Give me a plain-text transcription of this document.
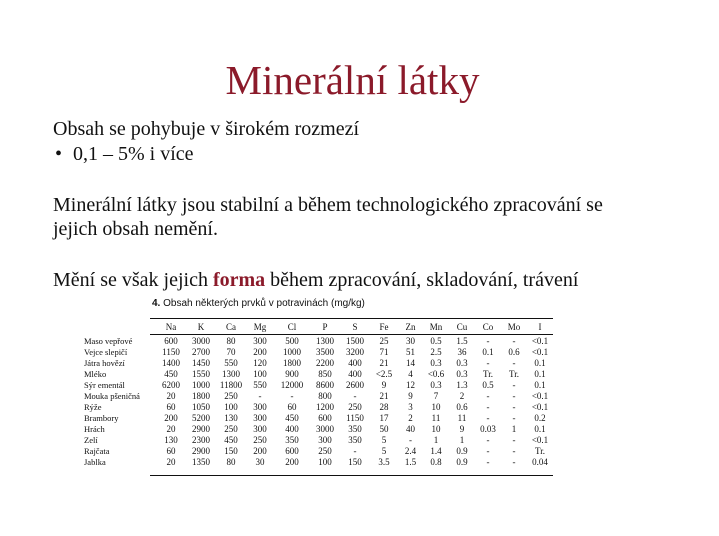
Minerální látky

Obsah se pohybuje v širokém rozmezí

• 0,1 – 5% i více

Minerální látky jsou stabilní a během technologického zpracování se
jejich obsah nemění.

Mění se však jejich forma během zpracování, skladování, trávení

4. Obsah některých prvků v potravinách (mg/kg)
	Na	K	Ca	Mg	Cl	P	S	Fe	Zn	Mn	Cu	Co	Mo	I
Maso vepřové	600	3000	80	300	500	1300	1500	25	30	0.5	1.5	-	-	<0.1
Vejce slepičí	1150	2700	70	200	1000	3500	3200	71	51	2.5	36	0.1	0.6	<0.1
Játra hovězí	1400	1450	550	120	1800	2200	400	21	14	0.3	0.3	-	-	0.1
Mléko	450	1550	1300	100	900	850	400	<2.5	4	<0.6	0.3	Tr.	Tr.	0.1
Sýr ementál	6200	1000	11800	550	12000	8600	2600	9	12	0.3	1.3	0.5	-	0.1
Mouka pšeničná	20	1800	250	-	-	800	-	21	9	7	2	-	-	<0.1
Rýže	60	1050	100	300	60	1200	250	28	3	10	0.6	-	-	<0.1
Brambory	200	5200	130	300	450	600	1150	17	2	11	11	-	-	0.2
Hrách	20	2900	250	300	400	3000	350	50	40	10	9	0.03	1	0.1
Zelí	130	2300	450	250	350	300	350	5	-	1	1	-	-	<0.1
Rajčata	60	2900	150	200	600	250	-	5	2.4	1.4	0.9	-	-	Tr.
Jablka	20	1350	80	30	200	100	150	3.5	1.5	0.8	0.9	-	-	0.04
